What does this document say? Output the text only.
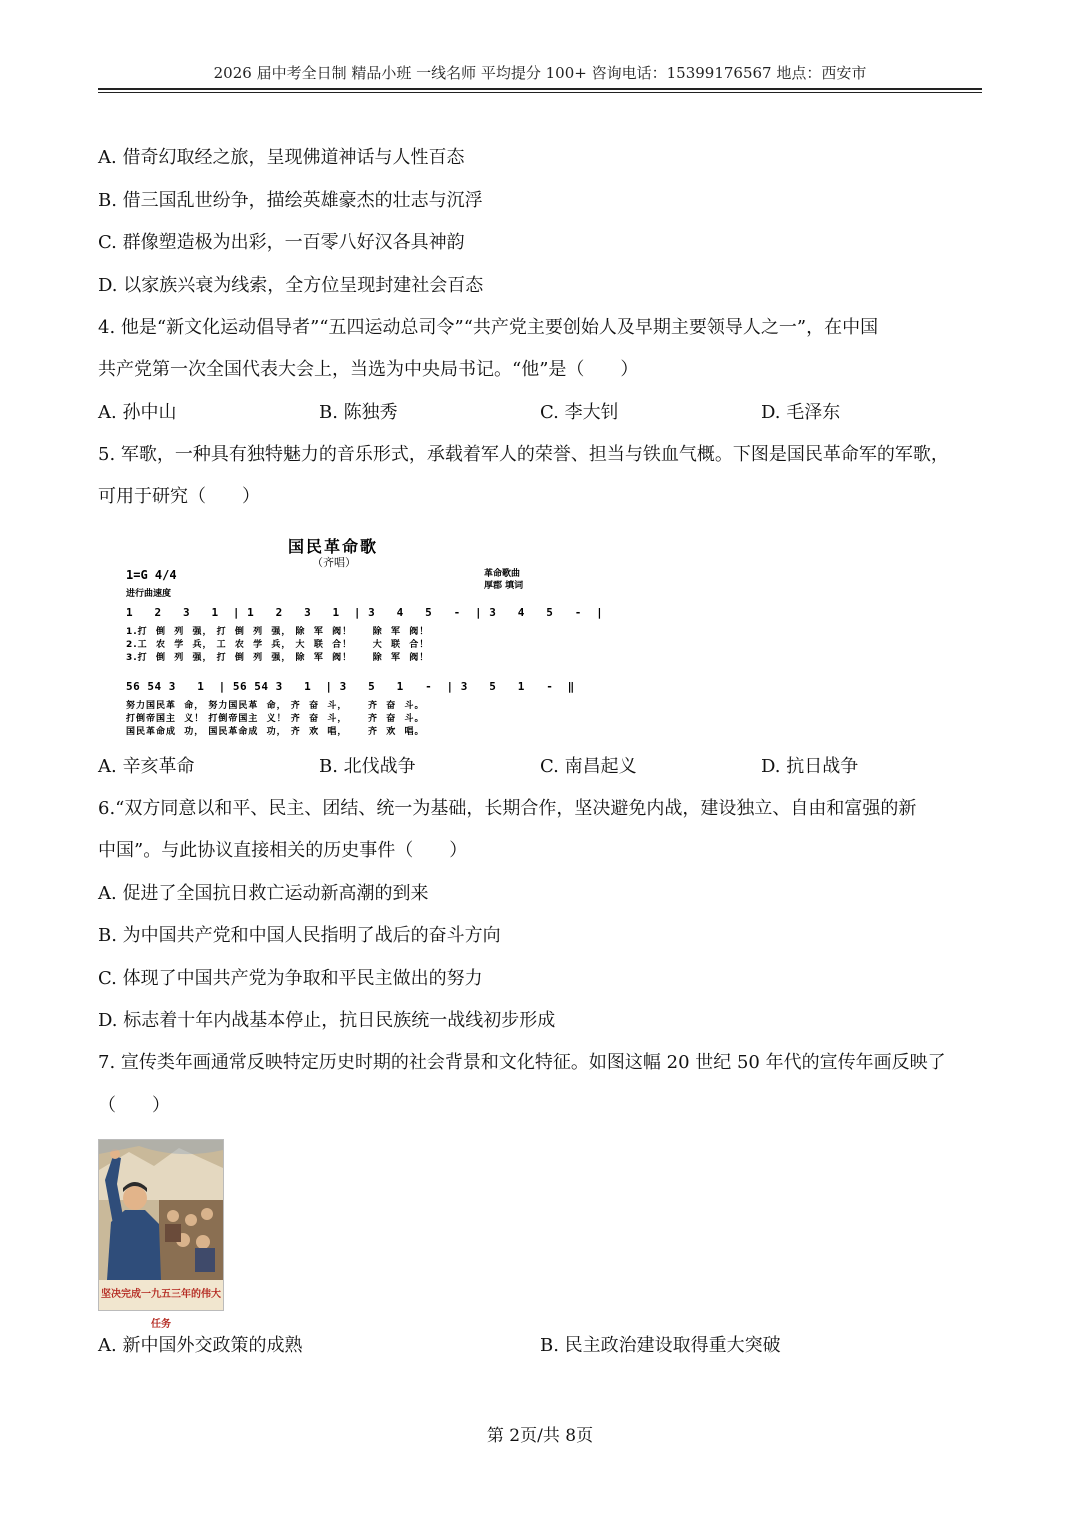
2026 届中考全日制 精品小班 一线名师 平均提分 100+ 咨询电话：15399176567 地点：西安市
A. 借奇幻取经之旅，呈现佛道神话与人性百态
B. 借三国乱世纷争，描绘英雄豪杰的壮志与沉浮
C. 群像塑造极为出彩，一百零八好汉各具神韵
D. 以家族兴衰为线索，全方位呈现封建社会百态
4. 他是“新文化运动倡导者”“五四运动总司令”“共产党主要创始人及早期主要领导人之一”，在中国
共产党第一次全国代表大会上，当选为中央局书记。“他”是（　　）
A. 孙中山	B. 陈独秀	C. 李大钊	D. 毛泽东
5. 军歌，一种具有独特魅力的音乐形式，承载着军人的荣誉、担当与铁血气概。下图是国民革命军的军歌，
可用于研究（　　）
国民革命歌
（齐唱）
1=G 4/4
进行曲速度
革命歌曲
厚郡 填词
1   2   3   1  | 1   2   3   1  | 3   4   5   -  | 3   4   5   -  |
1.打  倒  列  强， 打  倒  列  强， 除  军  阀！     除  军  阀！
2.工  农  学  兵， 工  农  学  兵， 大  联  合！     大  联  合！
3.打  倒  列  强， 打  倒  列  强， 除  军  阀！     除  军  阀！
56 54 3   1  | 56 54 3   1  | 3   5   1   -  | 3   5   1   -  ‖
努力国民革  命， 努力国民革  命， 齐  奋  斗，     齐  奋  斗。
打倒帝国主  义！ 打倒帝国主  义！ 齐  奋  斗，     齐  奋  斗。
国民革命成  功， 国民革命成  功， 齐  欢  唱，     齐  欢  唱。
A. 辛亥革命	B. 北伐战争	C. 南昌起义	D. 抗日战争
6.“双方同意以和平、民主、团结、统一为基础，长期合作，坚决避免内战，建设独立、自由和富强的新
中国”。与此协议直接相关的历史事件（　　）
A. 促进了全国抗日救亡运动新高潮的到来
B. 为中国共产党和中国人民指明了战后的奋斗方向
C. 体现了中国共产党为争取和平民主做出的努力
D. 标志着十年内战基本停止，抗日民族统一战线初步形成
7. 宣传类年画通常反映特定历史时期的社会背景和文化特征。如图这幅 20 世纪 50 年代的宣传年画反映了
（　　）
坚决完成一九五三年的伟大任务
A. 新中国外交政策的成熟	B. 民主政治建设取得重大突破
第 2页/共 8页
